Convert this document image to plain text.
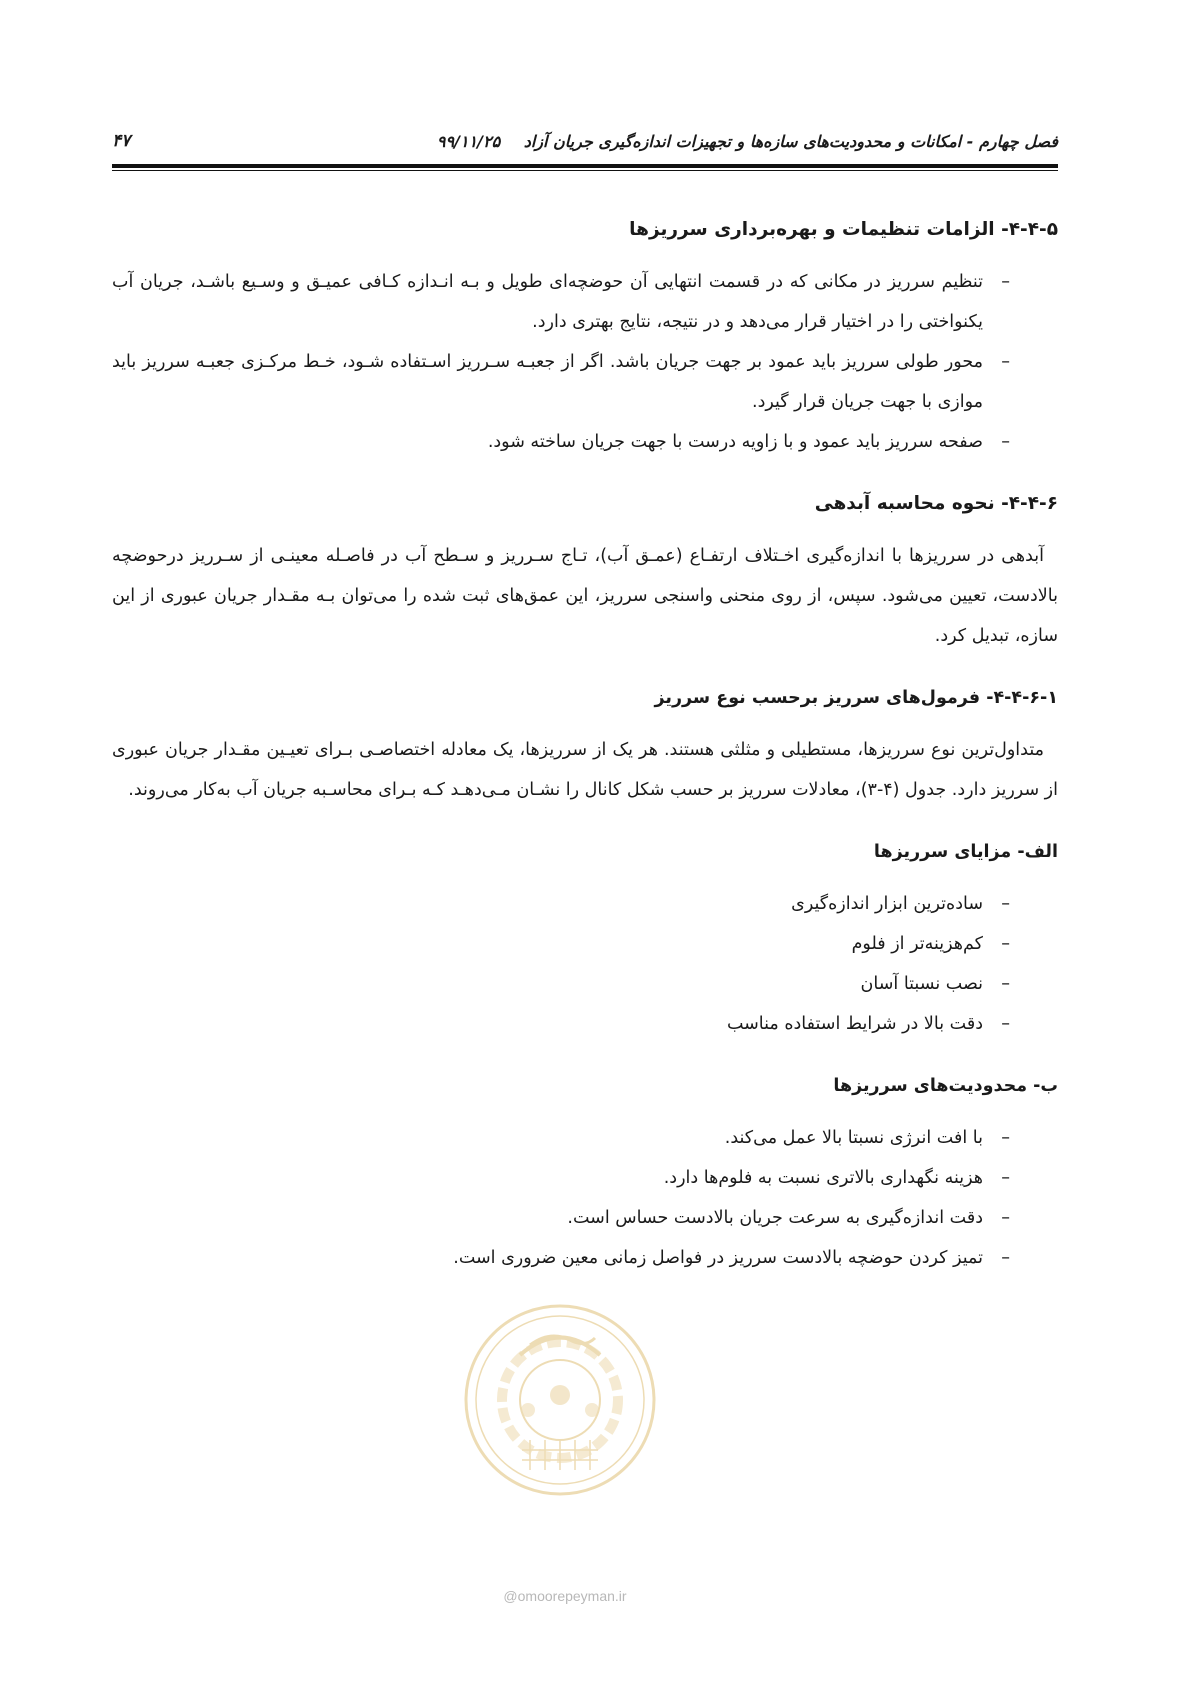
فصل چهارم - امکانات و محدودیت‌های سازه‌ها و تجهیزات اندازه‌گیری جریان آزاد ۹۹/۱۱/۲۵
۴۷
۴-۴-۵- الزامات تنظیمات و بهره‌برداری سرریزها
–
تنظیم سرریز در مکانی که در قسمت انتهایی آن حوضچه‌ای طویل و بـه انـدازه کـافی عمیـق و وسـیع باشـد، جریان آب یکنواختی را در اختیار قرار می‌دهد و در نتیجه، نتایج بهتری دارد.
–
محور طولی سرریز باید عمود بر جهت جریان باشد. اگر از جعبـه سـرریز اسـتفاده شـود، خـط مرکـزی جعبـه سرریز باید موازی با جهت جریان قرار گیرد.
–
صفحه سرریز باید عمود و با زاویه درست با جهت جریان ساخته شود.
۴-۴-۶- نحوه محاسبه آبدهی

آبدهی در سرریزها با اندازه‌گیری اخـتلاف ارتفـاع (عمـق آب)، تـاج سـرریز و سـطح آب در فاصـله معینـی از سـرریز درحوضچه بالادست، تعیین می‌شود. سپس، از روی منحنی واسنجی سرریز، این عمق‌های ثبت شده را می‌توان بـه مقـدار جریان عبوری از این سازه، تبدیل کرد.

۴-۴-۶-۱- فرمول‌های سرریز برحسب نوع سرریز

متداول‌ترین نوع سرریزها، مستطیلی و مثلثی هستند. هر یک از سرریزها، یک معادله اختصاصـی بـرای تعیـین مقـدار جریان عبوری از سرریز دارد. جدول (۴-۳)، معادلات سرریز بر حسب شکل کانال را نشـان مـی‌دهـد کـه بـرای محاسـبه جریان آب به‌کار می‌روند.

الف- مزایای سرریزها
–
ساده‌ترین ابزار اندازه‌گیری
–
کم‌هزینه‌تر از فلوم
–
نصب نسبتا آسان
–
دقت بالا در شرایط استفاده مناسب
ب- محدودیت‌های سرریزها
–
با افت انرژی نسبتا بالا عمل می‌کند.
–
هزینه نگهداری بالاتری نسبت به فلوم‌ها دارد.
–
دقت اندازه‌گیری به سرعت جریان بالادست حساس است.
–
تمیز کردن حوضچه بالادست سرریز در فواصل زمانی معین ضروری است.
@omoorepeyman.ir
